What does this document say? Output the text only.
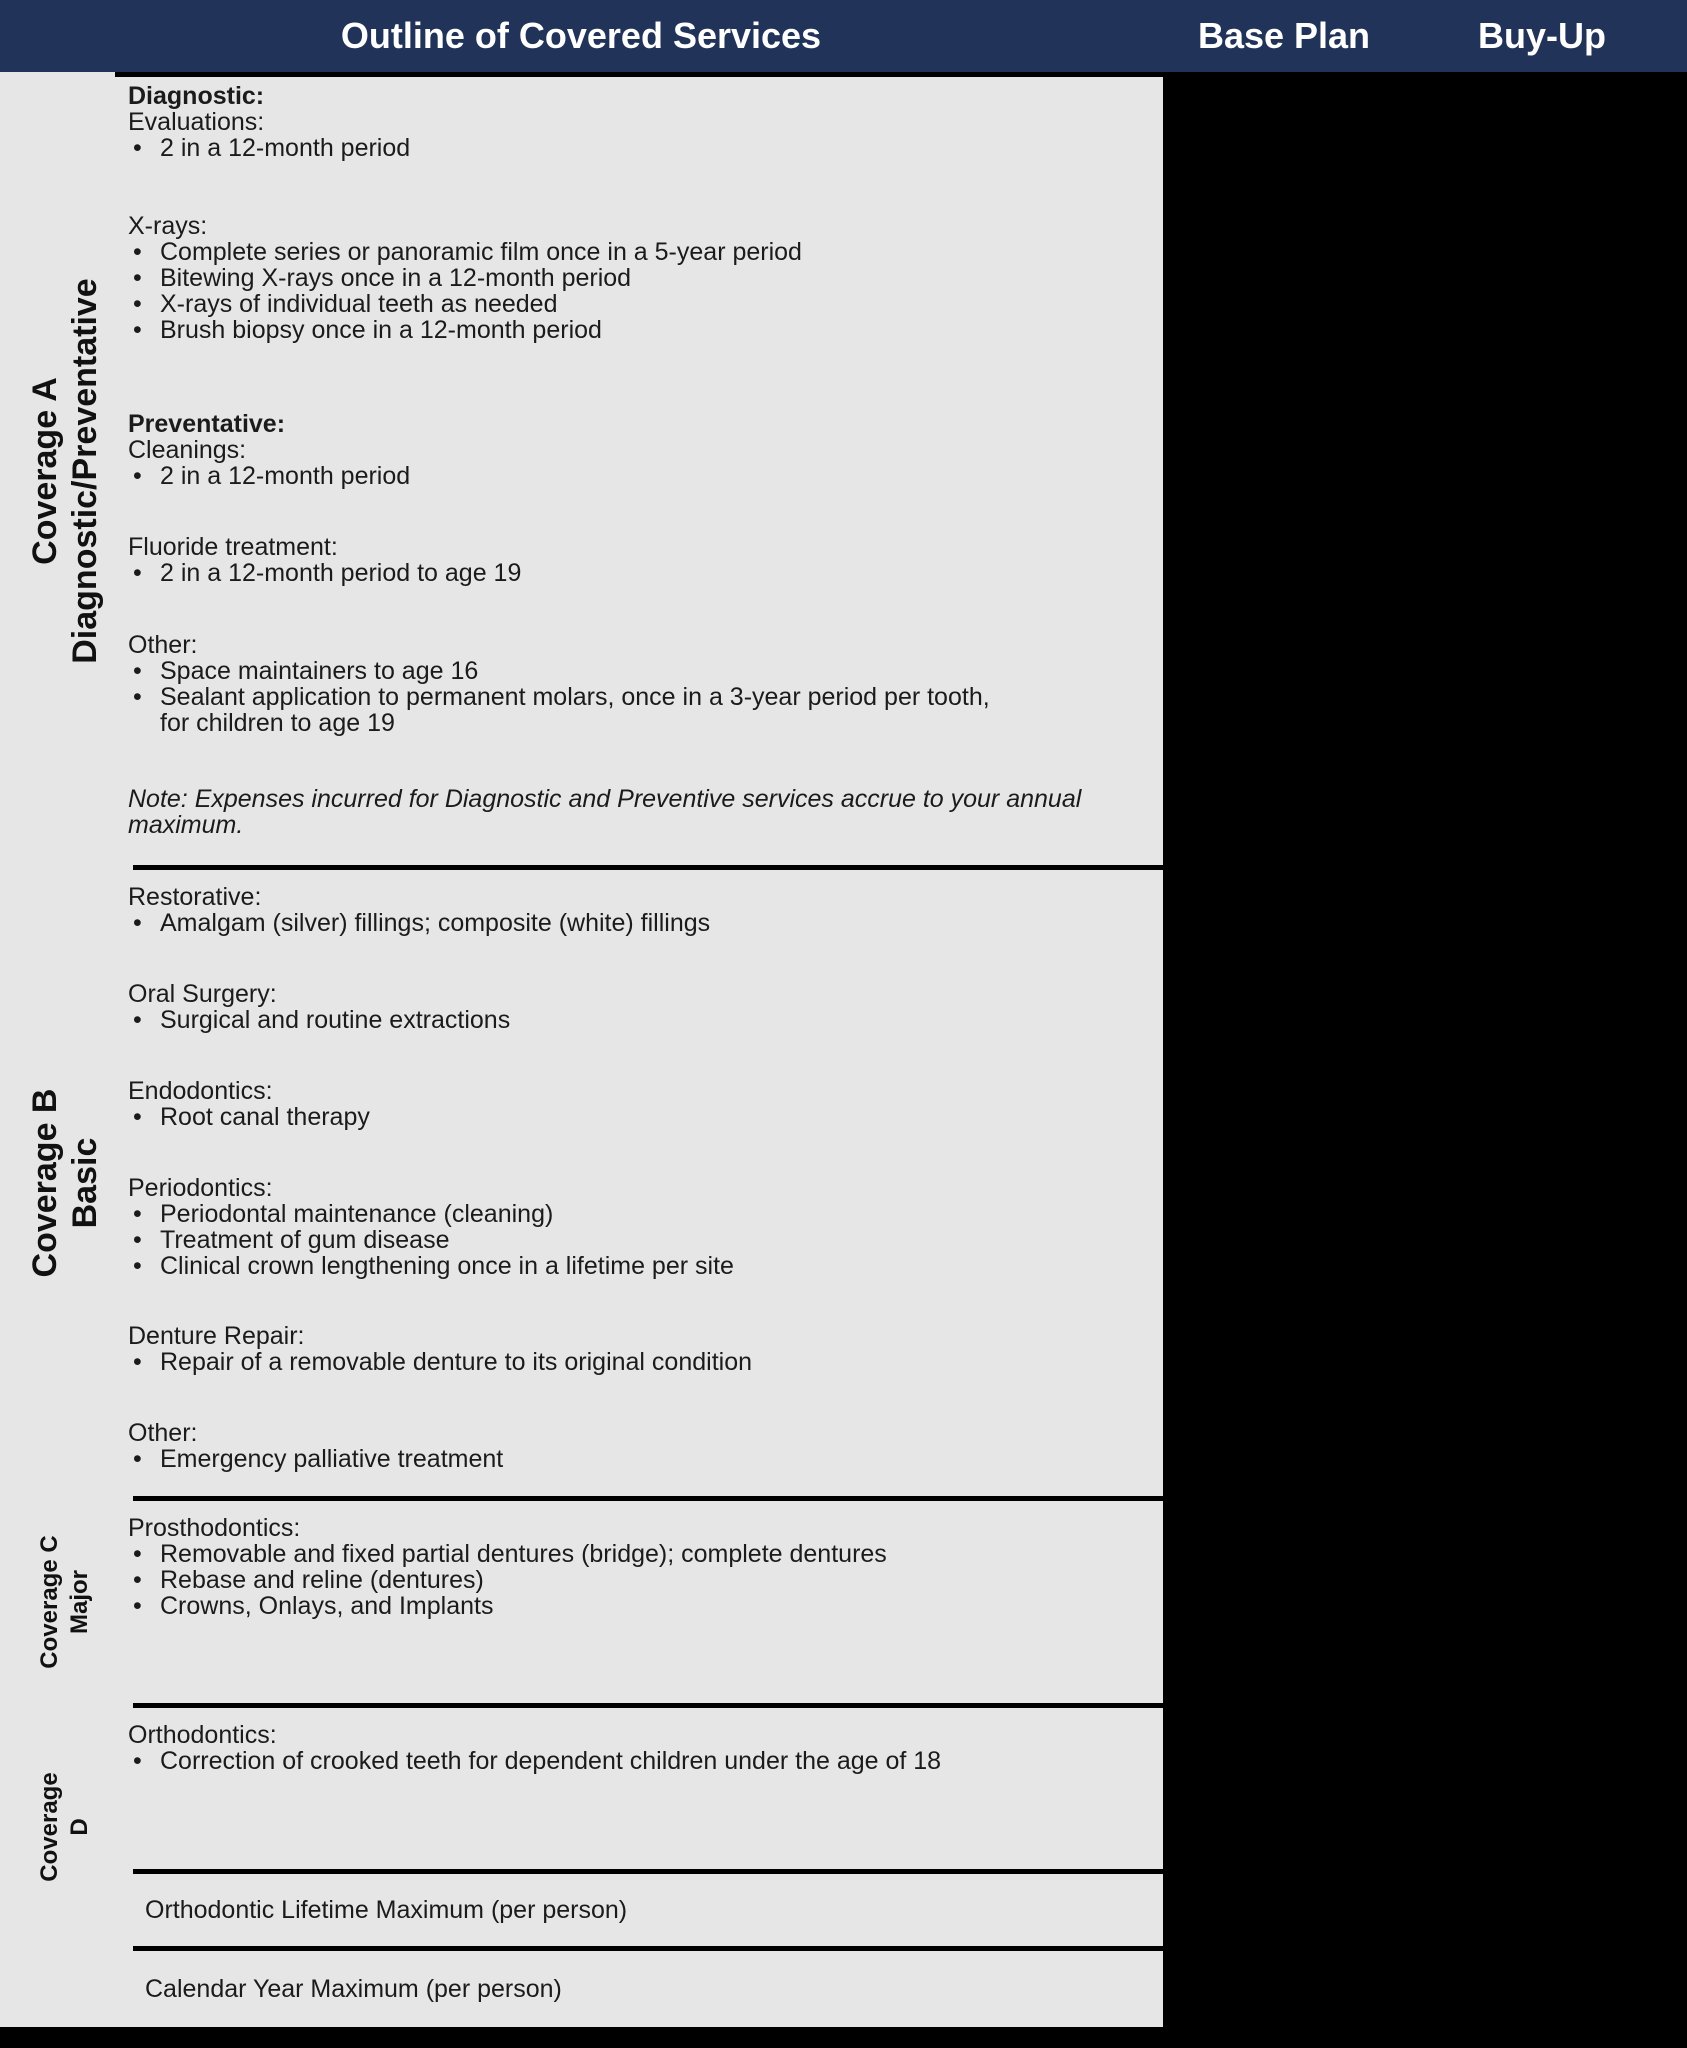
Outline of Covered Services	Base Plan	Buy-Up
Coverage A Diagnostic/Preventative
Coverage B Basic
Coverage C Major
Coverage D
Diagnostic:
Evaluations:
• 2 in a 12-month period
X-rays:
• Complete series or panoramic film once in a 5-year period
• Bitewing X-rays once in a 12-month period
• X-rays of individual teeth as needed
• Brush biopsy once in a 12-month period
Preventative:
Cleanings:
• 2 in a 12-month period
Fluoride treatment:
• 2 in a 12-month period to age 19
Other:
• Space maintainers to age 16
• Sealant application to permanent molars, once in a 3-year period per tooth,
for children to age 19
Note: Expenses incurred for Diagnostic and Preventive services accrue to your annual maximum.
Restorative:
• Amalgam (silver) fillings; composite (white) fillings
Oral Surgery:
• Surgical and routine extractions
Endodontics:
• Root canal therapy
Periodontics:
• Periodontal maintenance (cleaning)
• Treatment of gum disease
• Clinical crown lengthening once in a lifetime per site
Denture Repair:
• Repair of a removable denture to its original condition
Other:
• Emergency palliative treatment
Prosthodontics:
• Removable and fixed partial dentures (bridge); complete dentures
• Rebase and reline (dentures)
• Crowns, Onlays, and Implants
Orthodontics:
• Correction of crooked teeth for dependent children under the age of 18
Orthodontic Lifetime Maximum (per person)
Calendar Year Maximum (per person)
